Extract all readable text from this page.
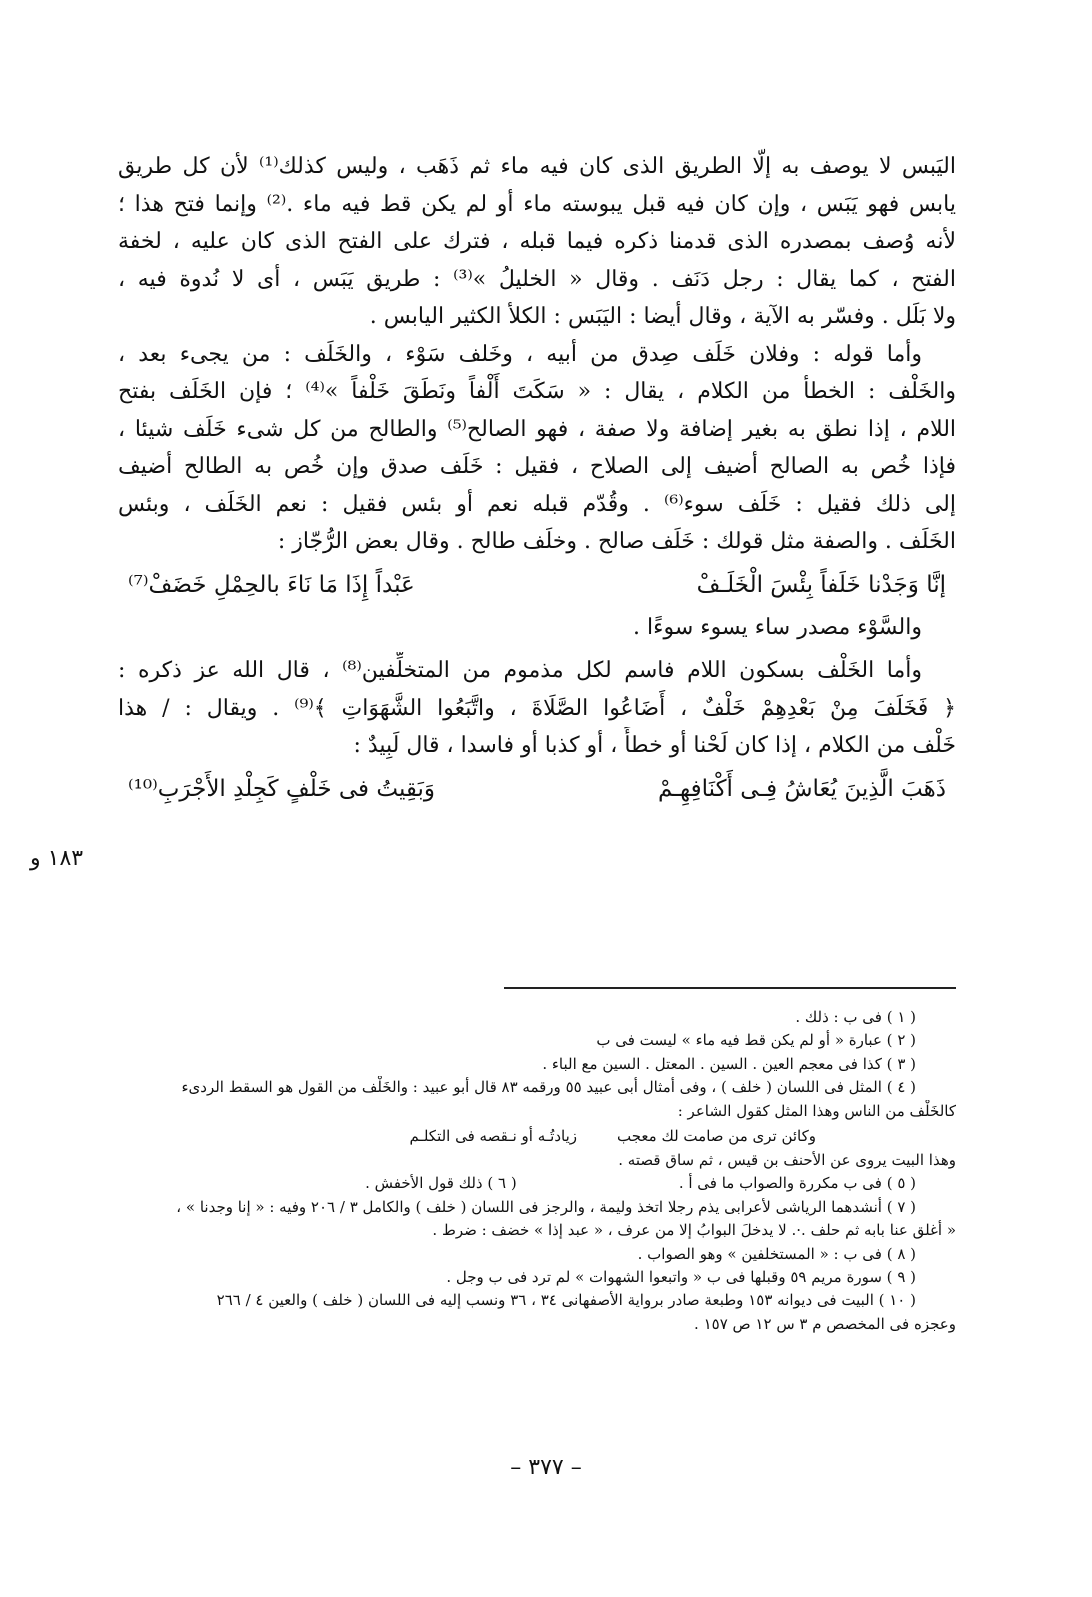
اليَبس لا يوصف به إلّا الطريق الذى كان فيه ماء ثم ذَهَب ، وليس كذلك⁽¹⁾ لأن كل طريق
يابس فهو يَبَس ، وإن كان فيه قبل يبوسته ماء أو لم يكن قط فيه ماء .⁽²⁾ وإنما فتح هذا ؛
لأنه وُصف بمصدره الذى قدمنا ذكره فيما قبله ، فترك على الفتح الذى كان عليه ، لخفة
الفتح ، كما يقال : رجل دَنَف . وقال « الخليلُ »⁽³⁾ : طريق يَبَس ، أى لا نُدوة فيه ،
ولا بَلَل . وفسّر به الآية ، وقال أيضا : اليَبَس : الكلأ الكثير اليابس .
وأما قوله : وفلان خَلَف صِدق من أبيه ، وخَلف سَوْء ، والخَلَف : من يجىء بعد ،
والخَلْف : الخطأ من الكلام ، يقال : « سَكَتَ أَلْفاً ونَطَقَ خَلْفاً »⁽⁴⁾ ؛ فإن الخَلَف بفتح
اللام ، إذا نطق به بغير إضافة ولا صفة ، فهو الصالح⁽⁵⁾ والطالح من كل شىء خَلَف شيئا ،
فإذا خُص به الصالح أضيف إلى الصلاح ، فقيل : خَلَف صدق وإن خُص به الطالح أضيف
إلى ذلك فقيل : خَلَف سوء⁽⁶⁾ . وقُدّم قبله نعم أو بئس فقيل : نعم الخَلَف ، وبئس
الخَلَف . والصفة مثل قولك : خَلَف صالح . وخلَف طالح . وقال بعض الرُّجّاز :
إنَّا وَجَدْنا خَلَفاً بِئْسَ الْخَلَـفْ
عَبْداً إِذَا مَا نَاءَ بالحِمْلِ خَضَفْ⁽⁷⁾
والسَّوْء مصدر ساء يسوء سوءًا .
وأما الخَلْف بسكون اللام فاسم لكل مذموم من المتخلِّفين⁽⁸⁾ ، قال الله عز ذكره :
﴿ فَخَلَفَ مِنْ بَعْدِهِمْ خَلْفٌ ، أَضَاعُوا الصَّلَاةَ ، واتَّبَعُوا الشَّهَوَاتِ ﴾⁽⁹⁾ . ويقال : / هذا
خَلْف من الكلام ، إذا كان لَحْنا أو خطأً ، أو كذبا أو فاسدا ، قال لَبِيدٌ :
ذَهَبَ الَّذِينَ يُعَاشُ فِـى أَكْنَافِهِـمْ
وَبَقِيتُ فى خَلْفٍ كَجِلْدِ الأَجْرَبِ⁽¹⁰⁾
١٨٣ و
( ١ ) فى ب : ذلك .
( ٢ ) عبارة « أو لم يكن قط فيه ماء » ليست فى ب
( ٣ ) كذا فى معجم العين . السين . المعتل . السين مع الباء .
( ٤ ) المثل فى اللسان ( خلف ) ، وفى أمثال أبى عبيد ٥٥ ورقمه ٨٣ قال أبو عبيد : والخَلْف من القول هو السقط الردىء
كالخَلْف من الناس وهذا المثل كقول الشاعر :
وكائن ترى من صامت لك معجب
زيادتُـه أو نـقصه فى التكلـم
وهذا البيت يروى عن الأحنف بن قيس ، ثم ساق قصته .
( ٥ ) فى ب مكررة والصواب ما فى أ .                                  ( ٦ ) ذلك قول الأخفش .
( ٧ ) أنشدهما الرياشى لأعرابى يذم رجلا اتخذ وليمة ، والرجز فى اللسان ( خلف ) والكامل ٣ / ٢٠٦ وفيه : « إنا وجدنا » ،
« أغلق عنا بابه ثم حلف .·. لا يدخلَ البوابُ إلا من عرف ، « عبد إذا » خضف : ضرط .
( ٨ ) فى ب : « المستخلفين » وهو الصواب .
( ٩ ) سورة مريم ٥٩ وقبلها فى ب « واتبعوا الشهوات » لم ترد فى ب وجل .
( ١٠ ) البيت فى ديوانه ١٥٣ وطبعة صادر برواية الأصفهانى ٣٤ ، ٣٦ ونسب إليه فى اللسان ( خلف ) والعين ٤ / ٢٦٦
وعجزه فى المخصص م ٣ س ١٢ ص ١٥٧ .
– ٣٧٧ –
